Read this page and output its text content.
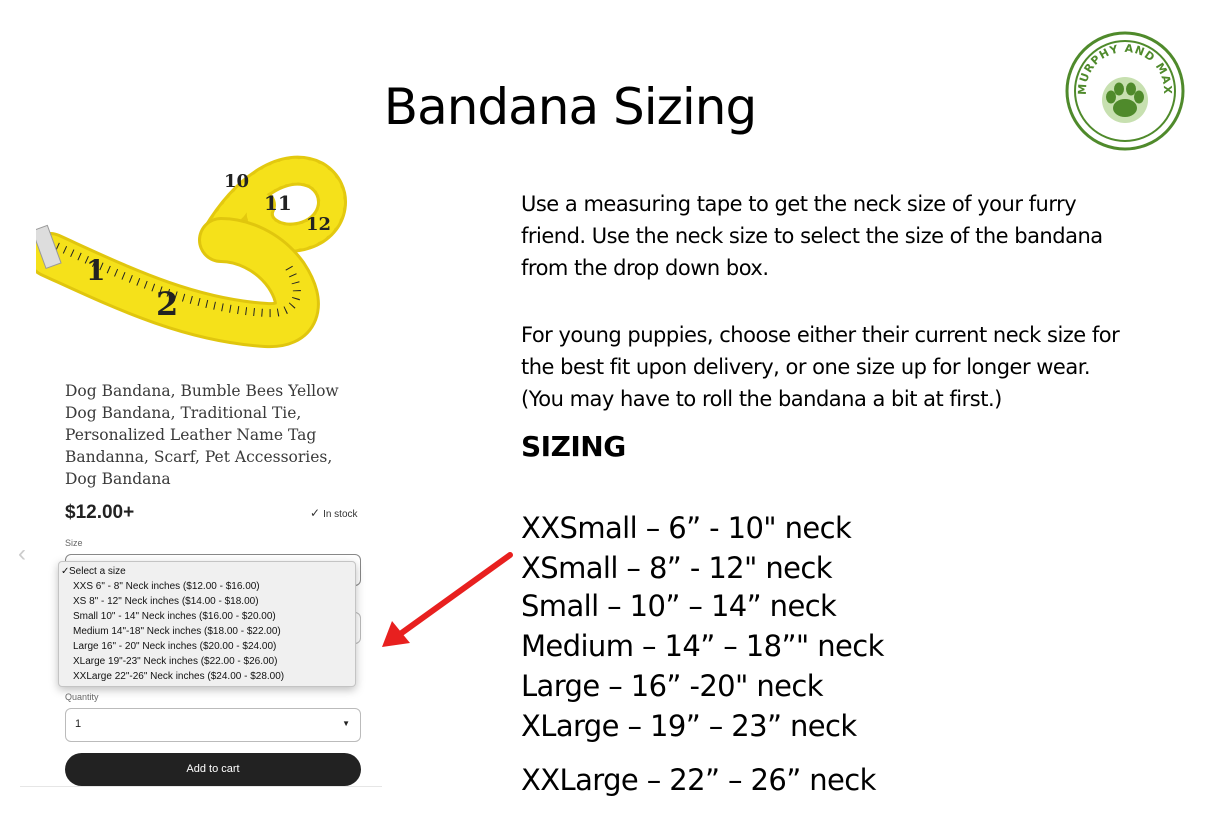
Bandana Sizing	MURPHY AND MAX
1
2
10
11
12
Dog Bandana, Bumble Bees Yellow Dog Bandana, Traditional Tie, Personalized Leather Name Tag Bandanna, Scarf, Pet Accessories, Dog Bandana
$12.00+	✓ In stock
‹	Size
✓ Select a size
XXS 6" - 8" Neck inches ($12.00 - $16.00)
XS 8" - 12" Neck inches ($14.00 - $18.00)
Small 10" - 14" Neck inches ($16.00 - $20.00)
Medium 14"-18" Neck inches ($18.00 - $22.00)
Large 16" - 20" Neck inches ($20.00 - $24.00)
XLarge 19"-23" Neck inches ($22.00 - $26.00)
XXLarge 22"-26" Neck inches ($24.00 - $28.00)
Quantity
1	▼
Add to cart

Use a measuring tape to get the neck size of your furry
friend. Use the neck size to select the size of the bandana
from the drop down box.

For young puppies, choose either their current neck size for
the best fit upon delivery, or one size up for longer wear.
(You may have to roll the bandana a bit at first.)

SIZING
XXSmall – 6” - 10" neck
XSmall – 8” - 12" neck
Small – 10” – 14” neck
Medium – 14” – 18”" neck
Large – 16” -20" neck
XLarge – 19” – 23” neck
XXLarge – 22” – 26” neck
